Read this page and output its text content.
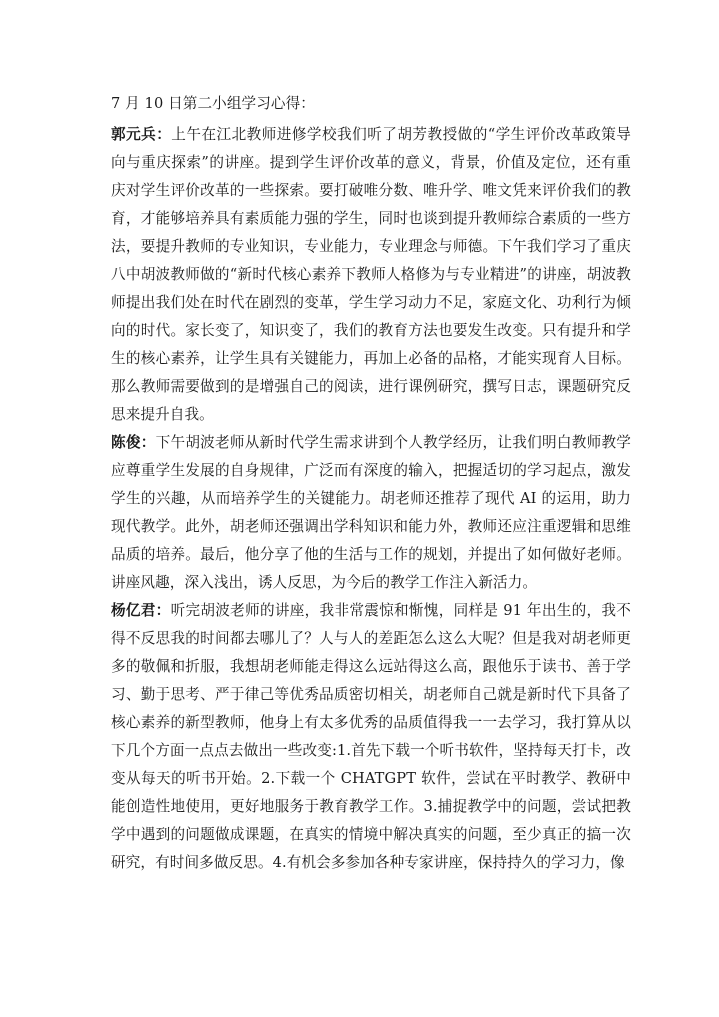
7 月 10 日第二小组学习心得：

郭元兵：上午在江北教师进修学校我们听了胡芳教授做的“学生评价改革政策导向与重庆探索”的讲座。提到学生评价改革的意义，背景，价值及定位，还有重庆对学生评价改革的一些探索。要打破唯分数、唯升学、唯文凭来评价我们的教育，才能够培养具有素质能力强的学生，同时也谈到提升教师综合素质的一些方法，要提升教师的专业知识，专业能力，专业理念与师德。下午我们学习了重庆八中胡波教师做的“新时代核心素养下教师人格修为与专业精进”的讲座，胡波教师提出我们处在时代在剧烈的变革，学生学习动力不足，家庭文化、功利行为倾向的时代。家长变了，知识变了，我们的教育方法也要发生改变。只有提升和学生的核心素养，让学生具有关键能力，再加上必备的品格，才能实现育人目标。那么教师需要做到的是增强自己的阅读，进行课例研究，撰写日志，课题研究反思来提升自我。

陈俊：下午胡波老师从新时代学生需求讲到个人教学经历，让我们明白教师教学应尊重学生发展的自身规律，广泛而有深度的输入，把握适切的学习起点，激发学生的兴趣，从而培养学生的关键能力。胡老师还推荐了现代 AI 的运用，助力现代教学。此外，胡老师还强调出学科知识和能力外，教师还应注重逻辑和思维品质的培养。最后，他分享了他的生活与工作的规划，并提出了如何做好老师。讲座风趣，深入浅出，诱人反思，为今后的教学工作注入新活力。

杨亿君：听完胡波老师的讲座，我非常震惊和惭愧，同样是 91 年出生的，我不得不反思我的时间都去哪儿了？人与人的差距怎么这么大呢？但是我对胡老师更多的敬佩和折服，我想胡老师能走得这么远站得这么高，跟他乐于读书、善于学习、勤于思考、严于律己等优秀品质密切相关，胡老师自己就是新时代下具备了核心素养的新型教师，他身上有太多优秀的品质值得我一一去学习，我打算从以下几个方面一点点去做出一些改变:1.首先下载一个听书软件，坚持每天打卡，改变从每天的听书开始。2.下载一个 CHATGPT 软件，尝试在平时教学、教研中能创造性地使用，更好地服务于教育教学工作。3.捕捉教学中的问题，尝试把教学中遇到的问题做成课题，在真实的情境中解决真实的问题，至少真正的搞一次研究，有时间多做反思。4.有机会多参加各种专家讲座，保持持久的学习力，像
